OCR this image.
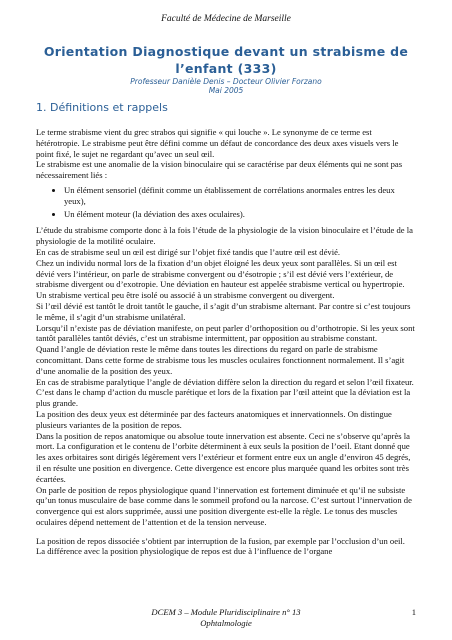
Faculté de Médecine de Marseille
Orientation Diagnostique devant un strabisme de
l’enfant (333)
Professeur Danièle Denis – Docteur Olivier Forzano
Mai 2005
1. Définitions et rappels

Le terme strabisme vient du grec strabos qui signifie « qui louche ». Le synonyme de ce terme est hétérotropie. Le strabisme peut être défini comme un défaut de concordance des deux axes visuels vers le point fixé, le sujet ne regardant qu’avec un seul œil.

Le strabisme est une anomalie de la vision binoculaire qui se caractérise par deux éléments qui ne sont pas nécessairement liés :

• Un élément sensoriel (définit comme un établissement de corrélations anormales entres les deux yeux),
• Un élément moteur (la déviation des axes oculaires).

L’étude du strabisme comporte donc à la fois l’étude de la physiologie de la vision binoculaire et l’étude de la physiologie de la motilité oculaire.

En cas de strabisme seul un œil est dirigé sur l’objet fixé tandis que l’autre œil est dévié.

Chez un individu normal lors de la fixation d’un objet éloigné les deux yeux sont parallèles. Si un œil est dévié vers l’intérieur, on parle de strabisme convergent ou d’ésotropie ; s’il est dévié vers l’extérieur, de strabisme divergent ou d’exotropie. Une déviation en hauteur est appelée strabisme vertical ou hypertropie. Un strabisme vertical peu être isolé ou associé à un strabisme convergent ou divergent.

Si l’œil dévié est tantôt le droit tantôt le gauche, il s’agit d’un strabisme alternant. Par contre si c’est toujours le même, il s’agit d’un strabisme unilatéral.

Lorsqu’il n’existe pas de déviation manifeste, on peut parler d’orthoposition ou d’orthotropie. Si les yeux sont tantôt parallèles tantôt déviés, c’est un strabisme intermittent, par opposition au strabisme constant.

Quand l’angle de déviation reste le même dans toutes les directions du regard on parle de strabisme concomittant. Dans cette forme de strabisme tous les muscles oculaires fonctionnent normalement. Il s’agit d’une anomalie de la position des yeux.

En cas de strabisme paralytique l’angle de déviation diffère selon la direction du regard et selon l’œil fixateur. C’est dans le champ d’action du muscle parétique et lors de la fixation par l’œil atteint que la déviation est la plus grande.

La position des deux yeux est déterminée par des facteurs anatomiques et innervationnels. On distingue plusieurs variantes de la position de repos.

Dans la position de repos anatomique ou absolue toute innervation est absente. Ceci ne s’observe qu’après la mort. La configuration et le contenu de l’orbite déterminent à eux seuls la position de l’oeil. Etant donné que les axes orbitaires sont dirigés légèrement vers l’extérieur et forment entre eux un angle d’environ 45 degrés, il en résulte une position en divergence. Cette divergence est encore plus marquée quand les orbites sont très écartées.

On parle de position de repos physiologique quand l’innervation est fortement diminuée et qu’il ne subsiste qu’un tonus musculaire de base comme dans le sommeil profond ou la narcose. C’est surtout l’innervation de convergence qui est alors supprimée, aussi une position divergente est-elle la règle. Le tonus des muscles oculaires dépend nettement de l’attention et de la tension nerveuse.

La position de repos dissociée s’obtient par interruption de la fusion, par exemple par l’occlusion d’un oeil. La différence avec la position physiologique de repos est due à l’influence de l’organe

DCEM 3 – Module Pluridisciplinaire n° 13
Ophtalmologie
1
